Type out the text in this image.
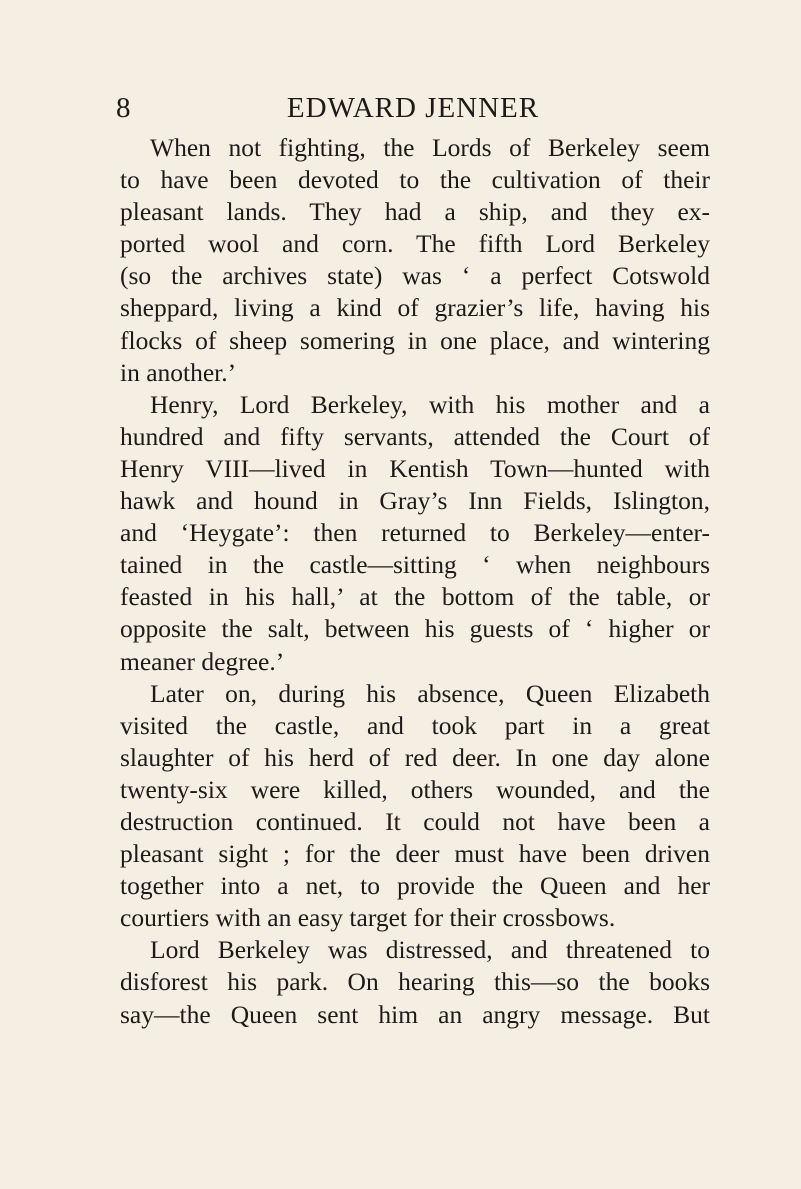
8	EDWARD JENNER

When not fighting, the Lords of Berkeley seem
to have been devoted to the cultivation of their
pleasant lands. They had a ship, and they ex-
ported wool and corn. The fifth Lord Berkeley
(so the archives state) was ‘ a perfect Cotswold
sheppard, living a kind of grazier’s life, having his
flocks of sheep somering in one place, and wintering
in another.’

Henry, Lord Berkeley, with his mother and a
hundred and fifty servants, attended the Court of
Henry VIII—lived in Kentish Town—hunted with
hawk and hound in Gray’s Inn Fields, Islington,
and ‘Heygate’: then returned to Berkeley—enter-
tained in the castle—sitting ‘ when neighbours
feasted in his hall,’ at the bottom of the table, or
opposite the salt, between his guests of ‘ higher or
meaner degree.’

Later on, during his absence, Queen Elizabeth
visited the castle, and took part in a great
slaughter of his herd of red deer. In one day alone
twenty-six were killed, others wounded, and the
destruction continued. It could not have been a
pleasant sight ; for the deer must have been driven
together into a net, to provide the Queen and her
courtiers with an easy target for their crossbows.

Lord Berkeley was distressed, and threatened to
disforest his park. On hearing this—so the books
say—the Queen sent him an angry message. But
